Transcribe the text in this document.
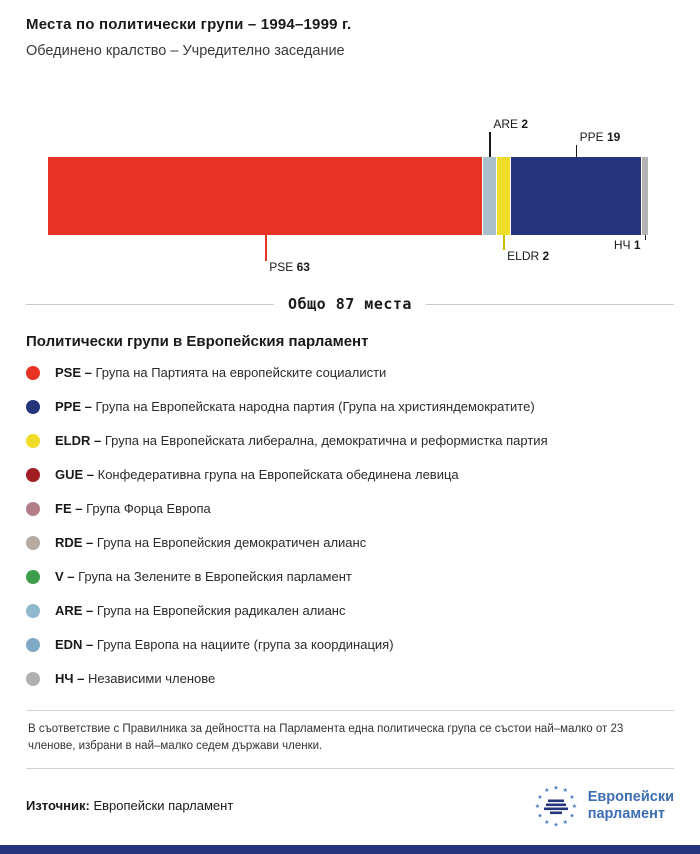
Места по политически групи – 1994–1999 г.
Обединено кралство – Учредително заседание
PSE 63
ARE 2
ELDR 2
PPE 19
НЧ 1
Общо 87 места
Политически групи в Европейския парламент
PSE – Група на Партията на европейските социалисти
PPE – Група на Европейската народна партия (Група на християндемократите)
ELDR – Група на Европейската либерална, демократична и реформистка партия
GUE – Конфедеративна група на Европейската обединена левица
FE – Група Форца Европа
RDE – Група на Европейския демократичен алианс
V – Група на Зелените в Европейския парламент
ARE – Група на Европейския радикален алианс
EDN – Група Европа на нациите (група за координация)
НЧ – Независими членове
В съответствие с Правилника за дейността на Парламента една политическа група се състои най–малко от 23 членове, избрани в най–малко седем държави членки.
Източник: Европейски парламент
★ ★
★
★
★
★
★
★
★
★
★
★	Европейски
парламент
